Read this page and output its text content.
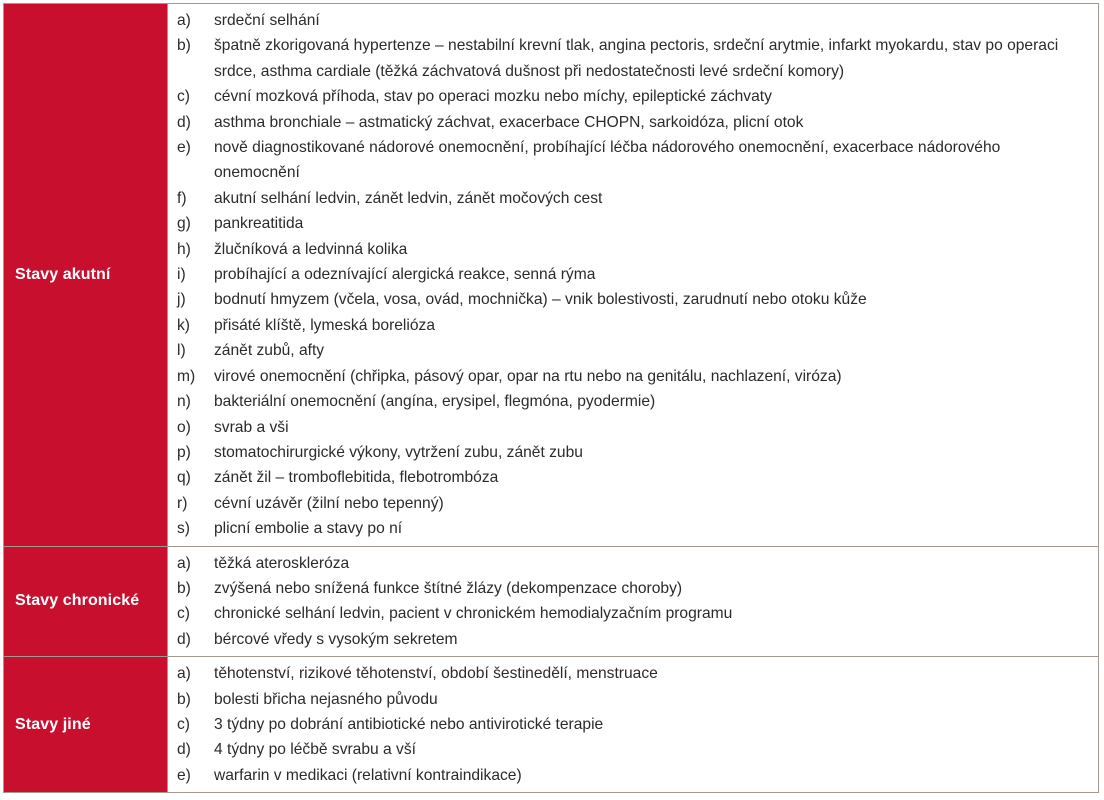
Stavy akutní
a)	srdeční selhání
b)	špatně zkorigovaná hypertenze – nestabilní krevní tlak, angina pectoris, srdeční arytmie, infarkt myokardu, stav po operaci srdce, asthma cardiale (těžká záchvatová dušnost při nedostatečnosti levé srdeční komory)
c)	cévní mozková příhoda, stav po operaci mozku nebo míchy, epileptické záchvaty
d)	asthma bronchiale – astmatický záchvat, exacerbace CHOPN, sarkoidóza, plicní otok
e)	nově diagnostikované nádorové onemocnění, probíhající léčba nádorového onemocnění, exacerbace nádorového onemocnění
f)	akutní selhání ledvin, zánět ledvin, zánět močových cest
g)	pankreatitida
h)	žlučníková a ledvinná kolika
i)	probíhající a odeznívající alergická reakce, senná rýma
j)	bodnutí hmyzem (včela, vosa, ovád, mochnička) – vnik bolestivosti, zarudnutí nebo otoku kůže
k)	přisáté klíště, lymeská borelióza
l)	zánět zubů, afty
m)	virové onemocnění (chřipka, pásový opar, opar na rtu nebo na genitálu, nachlazení, viróza)
n)	bakteriální onemocnění (angína, erysipel, flegmóna, pyodermie)
o)	svrab a vši
p)	stomatochirurgické výkony, vytržení zubu, zánět zubu
q)	zánět žil – tromboflebitida, flebotrombóza
r)	cévní uzávěr (žilní nebo tepenný)
s)	plicní embolie a stavy po ní
Stavy chronické
a)	těžká ateroskleróza
b)	zvýšená nebo snížená funkce štítné žlázy (dekompenzace choroby)
c)	chronické selhání ledvin, pacient v chronickém hemodialyzačním programu
d)	bércové vředy s vysokým sekretem
Stavy jiné
a)	těhotenství, rizikové těhotenství, období šestinedělí, menstruace
b)	bolesti břicha nejasného původu
c)	3 týdny po dobrání antibiotické nebo antivirotické terapie
d)	4 týdny po léčbě svrabu a vší
e)	warfarin v medikaci (relativní kontraindikace)
